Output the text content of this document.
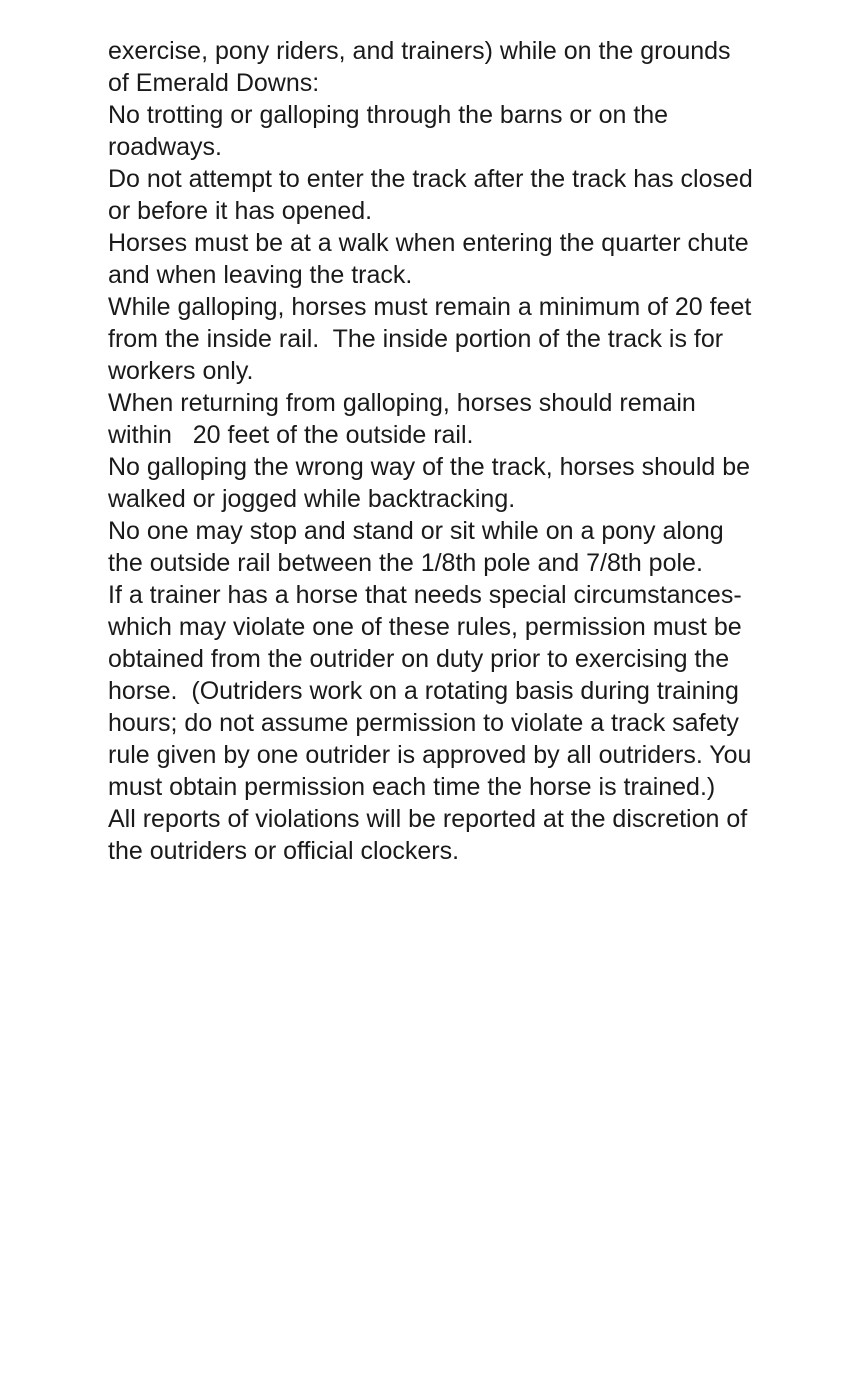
exercise, pony riders, and trainers) while on the grounds of Emerald Downs:

No trotting or galloping through the barns or on the roadways.

Do not attempt to enter the track after the track has closed or before it has opened.

Horses must be at a walk when entering the quarter chute and when leaving the track.

While galloping, horses must remain a minimum of 20 feet from the inside rail.  The inside portion of the track is for workers only.

When returning from galloping, horses should remain within   20 feet of the outside rail.

No galloping the wrong way of the track, horses should be walked or jogged while backtracking.

No one may stop and stand or sit while on a pony along the outside rail between the 1/8th pole and 7/8th pole.

If a trainer has a horse that needs special circumstances-which may violate one of these rules, permission must be obtained from the outrider on duty prior to exercising the horse.  (Outriders work on a rotating basis during training hours; do not assume permission to violate a track safety rule given by one outrider is approved by all outriders. You must obtain permission each time the horse is trained.)

All reports of violations will be reported at the discretion of the outriders or official clockers.
